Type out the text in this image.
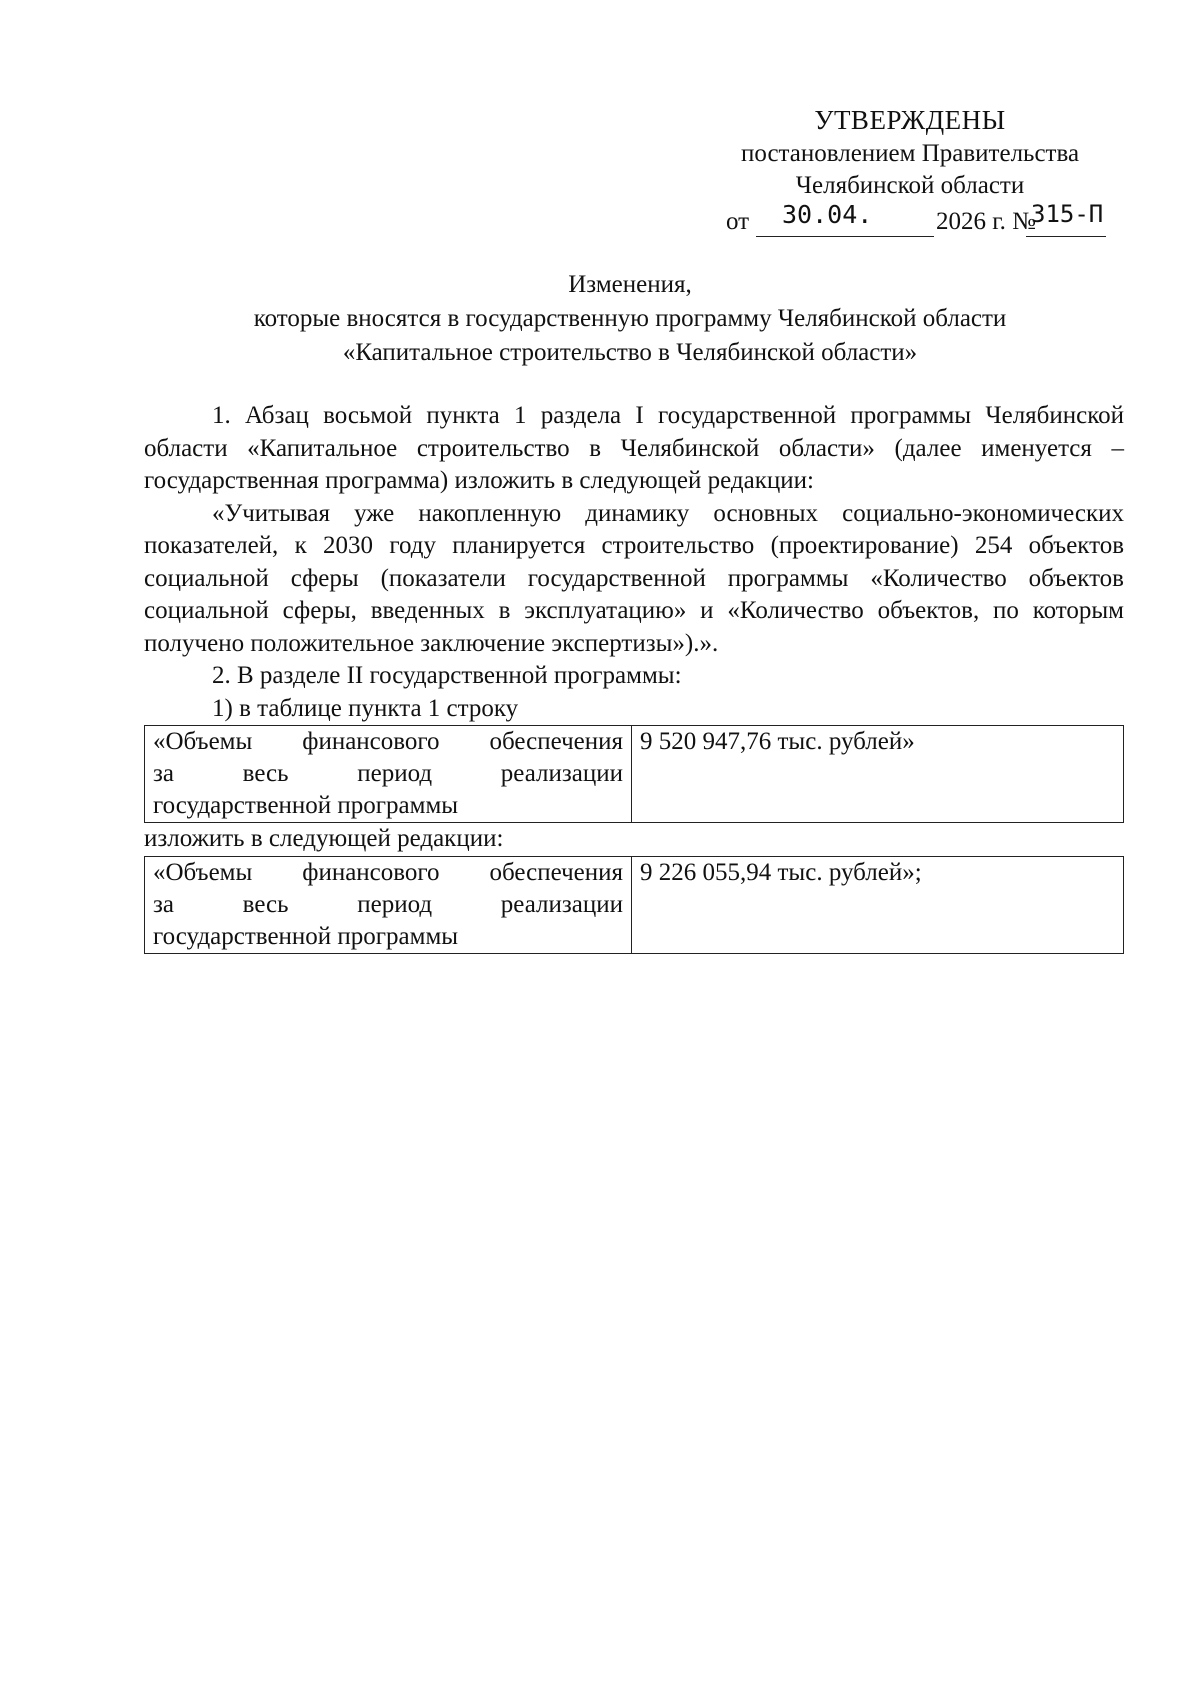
УТВЕРЖДЕНЫ
постановлением Правительства
Челябинской области
от 30.04.	2026 г. №
315-П
Изменения,
которые вносятся в государственную программу Челябинской области
«Капитальное строительство в Челябинской области»

1. Абзац восьмой пункта 1 раздела I государственной программы Челябинской области «Капитальное строительство в Челябинской области» (далее именуется – государственная программа) изложить в следующей редакции:

«Учитывая уже накопленную динамику основных социально-экономических показателей, к 2030 году планируется строительство (проектирование) 254 объектов социальной сферы (показатели государственной программы «Количество объектов социальной сферы, введенных в эксплуатацию» и «Количество объектов, по которым получено положительное заключение экспертизы»).».

2. В разделе II государственной программы:

1) в таблице пункта 1 строку

«Объемы финансового обеспечения
за весь период реализации
государственной программы	9 520 947,76 тыс. рублей»

изложить в следующей редакции:

«Объемы финансового обеспечения
за весь период реализации
государственной программы	9 226 055,94 тыс. рублей»;
